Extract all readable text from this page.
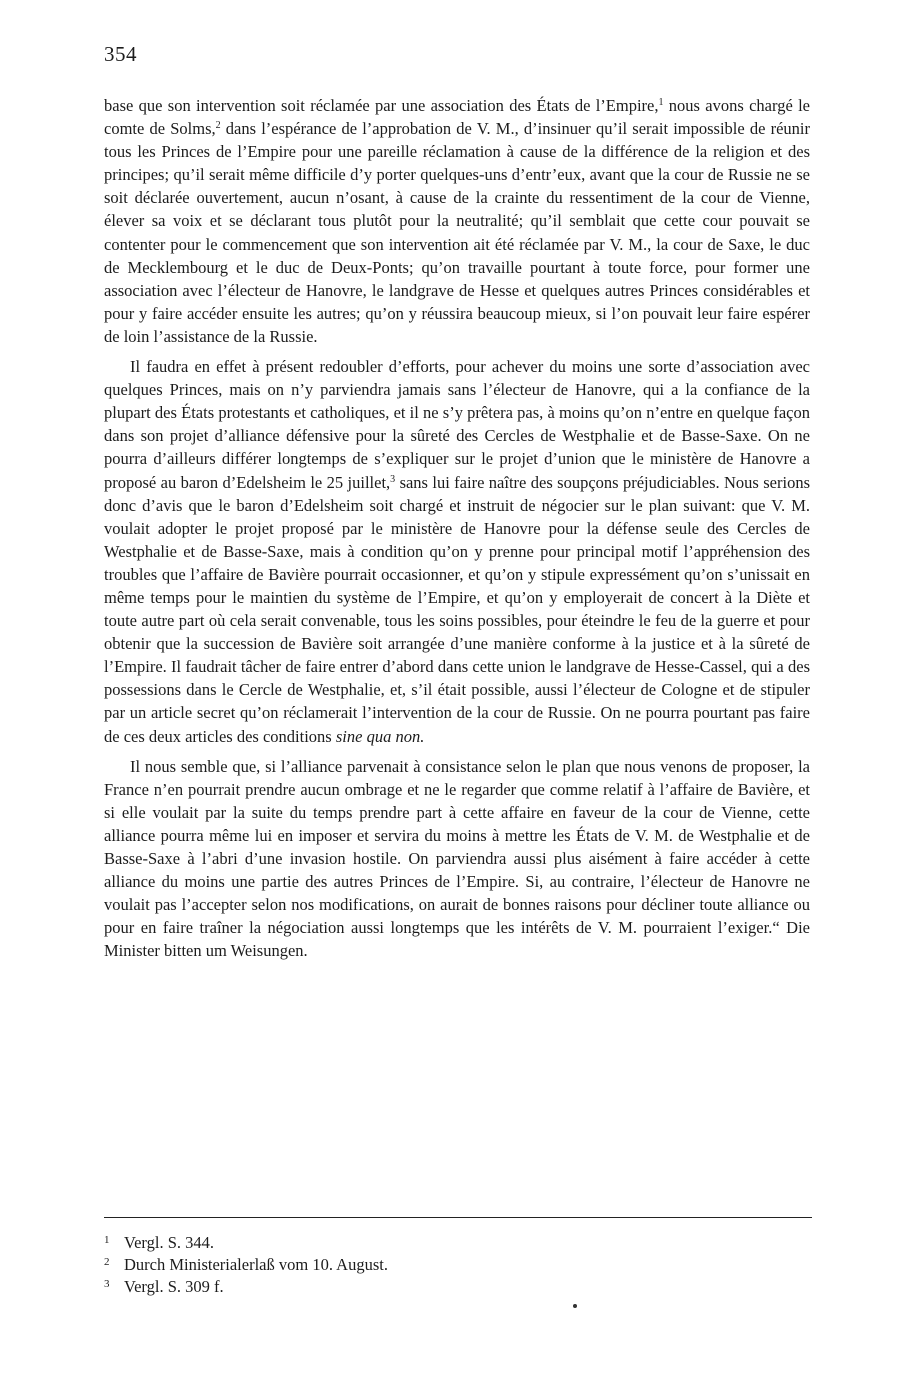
354

base que son intervention soit réclamée par une association des États de l’Empire,$^1$ nous avons chargé le comte de Solms,$^2$ dans l’espérance de l’approbation de V. M., d’insinuer qu’il serait impossible de réunir tous les Princes de l’Empire pour une pareille réclamation à cause de la différence de la religion et des principes; qu’il serait même difficile d’y porter quelques-uns d’entr’eux, avant que la cour de Russie ne se soit déclarée ouvertement, aucun n’osant, à cause de la crainte du ressentiment de la cour de Vienne, élever sa voix et se déclarant tous plutôt pour la neutralité; qu’il semblait que cette cour pouvait se contenter pour le commencement que son intervention ait été réclamée par V. M., la cour de Saxe, le duc de Mecklembourg et le duc de Deux-Ponts; qu’on travaille pourtant à toute force, pour former une association avec l’électeur de Hanovre, le landgrave de Hesse et quelques autres Princes considérables et pour y faire accéder ensuite les autres; qu’on y réussira beaucoup mieux, si l’on pouvait leur faire espérer de loin l’assistance de la Russie.

Il faudra en effet à présent redoubler d’efforts, pour achever du moins une sorte d’association avec quelques Princes, mais on n’y parviendra jamais sans l’électeur de Hanovre, qui a la confiance de la plupart des États protestants et catholiques, et il ne s’y prêtera pas, à moins qu’on n’entre en quelque façon dans son projet d’alliance défensive pour la sûreté des Cercles de Westphalie et de Basse-Saxe. On ne pourra d’ailleurs différer longtemps de s’expliquer sur le projet d’union que le ministère de Hanovre a proposé au baron d’Edelsheim le 25 juillet,$^3$ sans lui faire naître des soupçons préjudiciables. Nous serions donc d’avis que le baron d’Edelsheim soit chargé et instruit de négocier sur le plan suivant: que V. M. voulait adopter le projet proposé par le ministère de Hanovre pour la défense seule des Cercles de Westphalie et de Basse-Saxe, mais à condition qu’on y prenne pour principal motif l’appréhension des troubles que l’affaire de Bavière pourrait occasionner, et qu’on y stipule expressément qu’on s’unissait en même temps pour le maintien du système de l’Empire, et qu’on y employerait de concert à la Diète et toute autre part où cela serait convenable, tous les soins possibles, pour éteindre le feu de la guerre et pour obtenir que la succession de Bavière soit arrangée d’une manière conforme à la justice et à la sûreté de l’Empire. Il faudrait tâcher de faire entrer d’abord dans cette union le landgrave de Hesse-Cassel, qui a des possessions dans le Cercle de Westphalie, et, s’il était possible, aussi l’électeur de Cologne et de stipuler par un article secret qu’on réclamerait l’intervention de la cour de Russie. On ne pourra pourtant pas faire de ces deux articles des conditions sine qua non.

Il nous semble que, si l’alliance parvenait à consistance selon le plan que nous venons de proposer, la France n’en pourrait prendre aucun ombrage et ne le regarder que comme relatif à l’affaire de Bavière, et si elle voulait par la suite du temps prendre part à cette affaire en faveur de la cour de Vienne, cette alliance pourra même lui en imposer et servira du moins à mettre les États de V. M. de Westphalie et de Basse-Saxe à l’abri d’une invasion hostile. On parviendra aussi plus aisément à faire accéder à cette alliance du moins une partie des autres Princes de l’Empire. Si, au contraire, l’électeur de Hanovre ne voulait pas l’accepter selon nos modifications, on aurait de bonnes raisons pour décliner toute alliance ou pour en faire traîner la négociation aussi longtemps que les intérêts de V. M. pourraient l’exiger.“ Die Minister bitten um Weisungen.

1 Vergl. S. 344.
2 Durch Ministerialerlaß vom 10. August.
3 Vergl. S. 309 f.
